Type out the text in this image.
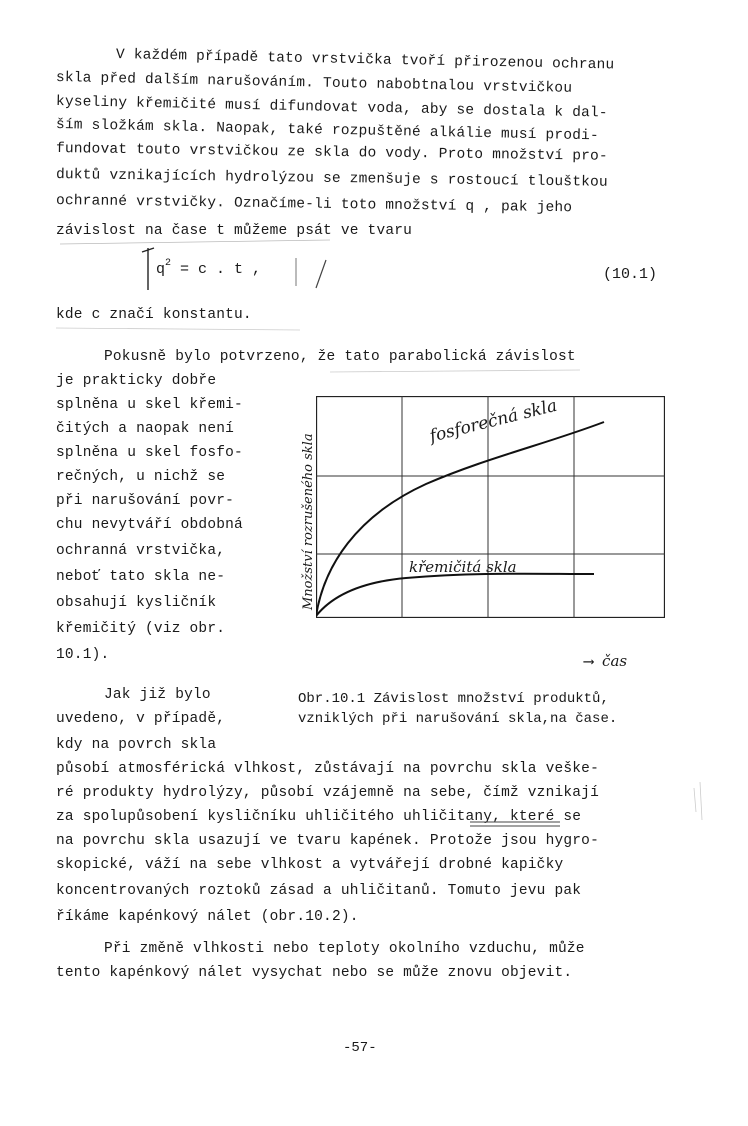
V každém případě tato vrstvička tvoří přirozenou ochranu
skla před dalším narušováním. Touto nabobtnalou vrstvičkou
kyseliny křemičité musí difundovat voda, aby se dostala k dal-
ším složkám skla. Naopak, také rozpuštěné alkálie musí prodi-
fundovat touto vrstvičkou ze skla do vody. Proto množství pro-
duktů vznikajících hydrolýzou se zmenšuje s rostoucí tlouštkou
ochranné vrstvičky. Označíme-li toto množství q , pak jeho
závislost na čase t můžeme psát ve tvaru
$q^2 = c$ . t ,	(10.1)
kde c značí konstantu.
Pokusně bylo potvrzeno, že tato parabolická závislost
je prakticky dobře
splněna u skel křemi-
čitých a naopak není
splněna u skel fosfo-
rečných, u nichž se
při narušování povr-
chu nevytváří obdobná
ochranná vrstvička,
neboť tato skla ne-
obsahují kysličník
křemičitý (viz obr.
10.1).
fosforečná skla
křemičitá skla
Množství rozrušeného skla
⟶ čas
Obr.10.1 Závislost množství produktů,
vzniklých při narušování skla,na čase.
Jak již bylo
uvedeno, v případě,
kdy na povrch skla
působí atmosférická vlhkost, zůstávají na povrchu skla veške-
ré produkty hydrolýzy, působí vzájemně na sebe, čímž vznikají
za spolupůsobení kysličníku uhličitého uhličitany, které se
na povrchu skla usazují ve tvaru kapének. Protože jsou hygro-
skopické, váží na sebe vlhkost a vytvářejí drobné kapičky
koncentrovaných roztoků zásad a uhličitanů. Tomuto jevu pak
říkáme kapénkový nálet (obr.10.2).
Při změně vlhkosti nebo teploty okolního vzduchu, může
tento kapénkový nálet vysychat nebo se může znovu objevit.
-57-
